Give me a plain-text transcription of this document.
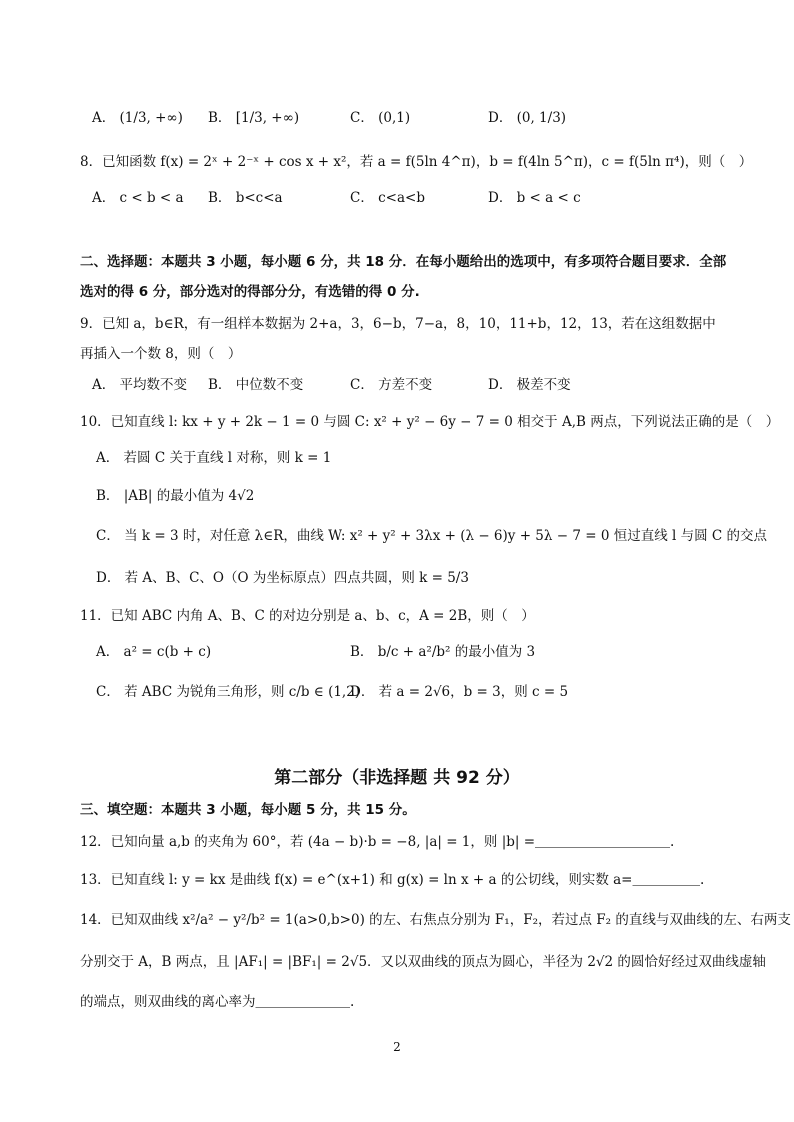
A． (1/3, +∞) B． [1/3, +∞)	C． (0,1)	D． (0, 1/3)
8．已知函数 f(x) = 2ˣ + 2⁻ˣ + cos x + x²，若 a = f(5ln 4^π)，b = f(4ln 5^π)，c = f(5ln π⁴)，则（　）
A． c < b < a B． b<c<a	C． c<a<b	D． b < a < c
二、选择题：本题共 3 小题，每小题 6 分，共 18 分．在每小题给出的选项中，有多项符合题目要求．全部
选对的得 6 分，部分选对的得部分分，有选错的得 0 分.
9．已知 a，b∈R，有一组样本数据为 2+a，3，6−b，7−a，8，10，11+b，12，13，若在这组数据中
再插入一个数 8，则（　）
A． 平均数不变 B． 中位数不变	C． 方差不变	D． 极差不变
10．已知直线 l: kx + y + 2k − 1 = 0 与圆 C: x² + y² − 6y − 7 = 0 相交于 A,B 两点，下列说法正确的是（　）
A． 若圆 C 关于直线 l 对称，则 k = 1
B． |AB| 的最小值为 4√2
C． 当 k = 3 时，对任意 λ∈R，曲线 W: x² + y² + 3λx + (λ − 6)y + 5λ − 7 = 0 恒过直线 l 与圆 C 的交点
D． 若 A、B、C、O（O 为坐标原点）四点共圆，则 k = 5/3
11．已知 ABC 内角 A、B、C 的对边分别是 a、b、c，A = 2B，则（　）
A． a² = c(b + c)	B． b/c + a²/b² 的最小值为 3
C． 若 ABC 为锐角三角形，则 c/b ∈ (1,2)
D． 若 a = 2√6，b = 3，则 c = 5
第二部分（非选择题 共 92 分）
三、填空题：本题共 3 小题，每小题 5 分，共 15 分。
12．已知向量 a,b 的夹角为 60°，若 (4a − b)·b = −8, |a| = 1，则 |b| =＿＿＿＿＿＿＿＿＿＿.
13．已知直线 l: y = kx 是曲线 f(x) = e^(x+1) 和 g(x) = ln x + a 的公切线，则实数 a=＿＿＿＿＿.
14．已知双曲线 x²/a² − y²/b² = 1(a>0,b>0) 的左、右焦点分别为 F₁，F₂，若过点 F₂ 的直线与双曲线的左、右两支
分别交于 A，B 两点，且 |AF₁| = |BF₁| = 2√5．又以双曲线的顶点为圆心，半径为 2√2 的圆恰好经过双曲线虚轴
的端点，则双曲线的离心率为＿＿＿＿＿＿＿.
2
